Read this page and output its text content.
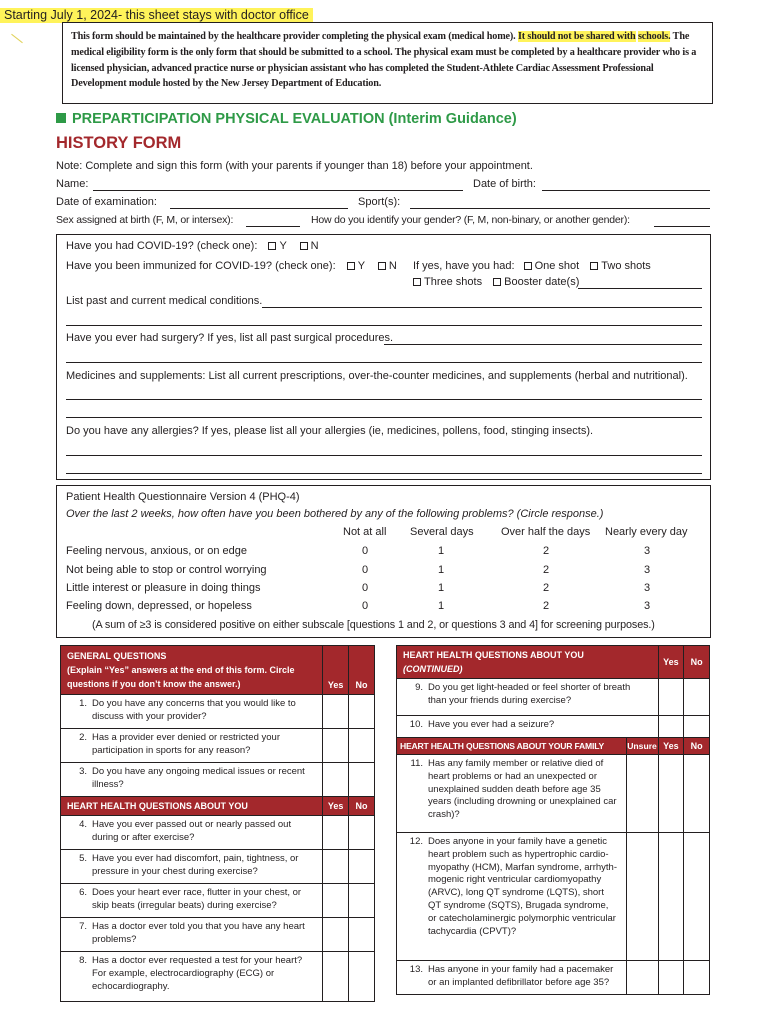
Starting July 1, 2024- this sheet stays with doctor office
This form should be maintained by the healthcare provider completing the physical exam (medical home). It should not be shared with schools. The medical eligibility form is the only form that should be submitted to a school. The physical exam must be completed by a healthcare provider who is a licensed physician, advanced practice nurse or physician assistant who has completed the Student-Athlete Cardiac Assessment Professional Development module hosted by the New Jersey Department of Education.
PREPARTICIPATION PHYSICAL EVALUATION (Interim Guidance)
HISTORY FORM
Note: Complete and sign this form (with your parents if younger than 18) before your appointment.
Name:	Date of birth:
Date of examination:	Sport(s):
Sex assigned at birth (F, M, or intersex):	How do you identify your gender? (F, M, non-binary, or another gender):
Have you had COVID-19? (check one): Y N
Have you been immunized for COVID-19? (check one): Y N If yes, have you had: One shot Two shots
Three shots Booster date(s)
List past and current medical conditions.
Have you ever had surgery? If yes, list all past surgical procedures.
Medicines and supplements: List all current prescriptions, over-the-counter medicines, and supplements (herbal and nutritional).
Do you have any allergies? If yes, please list all your allergies (ie, medicines, pollens, food, stinging insects).
Patient Health Questionnaire Version 4 (PHQ-4)
Over the last 2 weeks, how often have you been bothered by any of the following problems? (Circle response.)
Not at all Several days Over half the days Nearly every day
Feeling nervous, anxious, or on edge	0	1	2	3
Not being able to stop or control worrying	0	1	2	3
Little interest or pleasure in doing things	0	1	2	3
Feeling down, depressed, or hopeless	0	1	2	3
(A sum of ≥3 is considered positive on either subscale [questions 1 and 2, or questions 3 and 4] for screening purposes.)
GENERAL QUESTIONS
(Explain “Yes” answers at the end of this form. Circle
questions if you don’t know the answer.)	Yes	No
1. Do you have any concerns that you would like to discuss with your provider?		
2. Has a provider ever denied or restricted your participation in sports for any reason?		
3. Do you have any ongoing medical issues or recent illness?		
HEART HEALTH QUESTIONS ABOUT YOU	Yes	No
4. Have you ever passed out or nearly passed out during or after exercise?		
5. Have you ever had discomfort, pain, tightness, or pressure in your chest during exercise?		
6. Does your heart ever race, flutter in your chest, or skip beats (irregular beats) during exercise?		
7. Has a doctor ever told you that you have any heart problems?		
8. Has a doctor ever requested a test for your heart? For example, electrocardiography (ECG) or echocardiography.		
HEART HEALTH QUESTIONS ABOUT YOU
(CONTINUED)		Yes	No
9. Do you get light-headed or feel shorter of breath than your friends during exercise?			
10. Have you ever had a seizure?			
HEART HEALTH QUESTIONS ABOUT YOUR FAMILY	Unsure	Yes	No
11. Has any family member or relative died of heart problems or had an unexpected or unexplained sudden death before age 35 years (including drowning or unexplained car crash)?			
12. Does anyone in your family have a genetic heart problem such as hypertrophic cardio-myopathy (HCM), Marfan syndrome, arrhyth-mogenic right ventricular cardiomyopathy (ARVC), long QT syndrome (LQTS), short QT syndrome (SQTS), Brugada syndrome, or catecholaminergic polymorphic ventricular tachycardia (CPVT)?			
13. Has anyone in your family had a pacemaker or an implanted defibrillator before age 35?			
